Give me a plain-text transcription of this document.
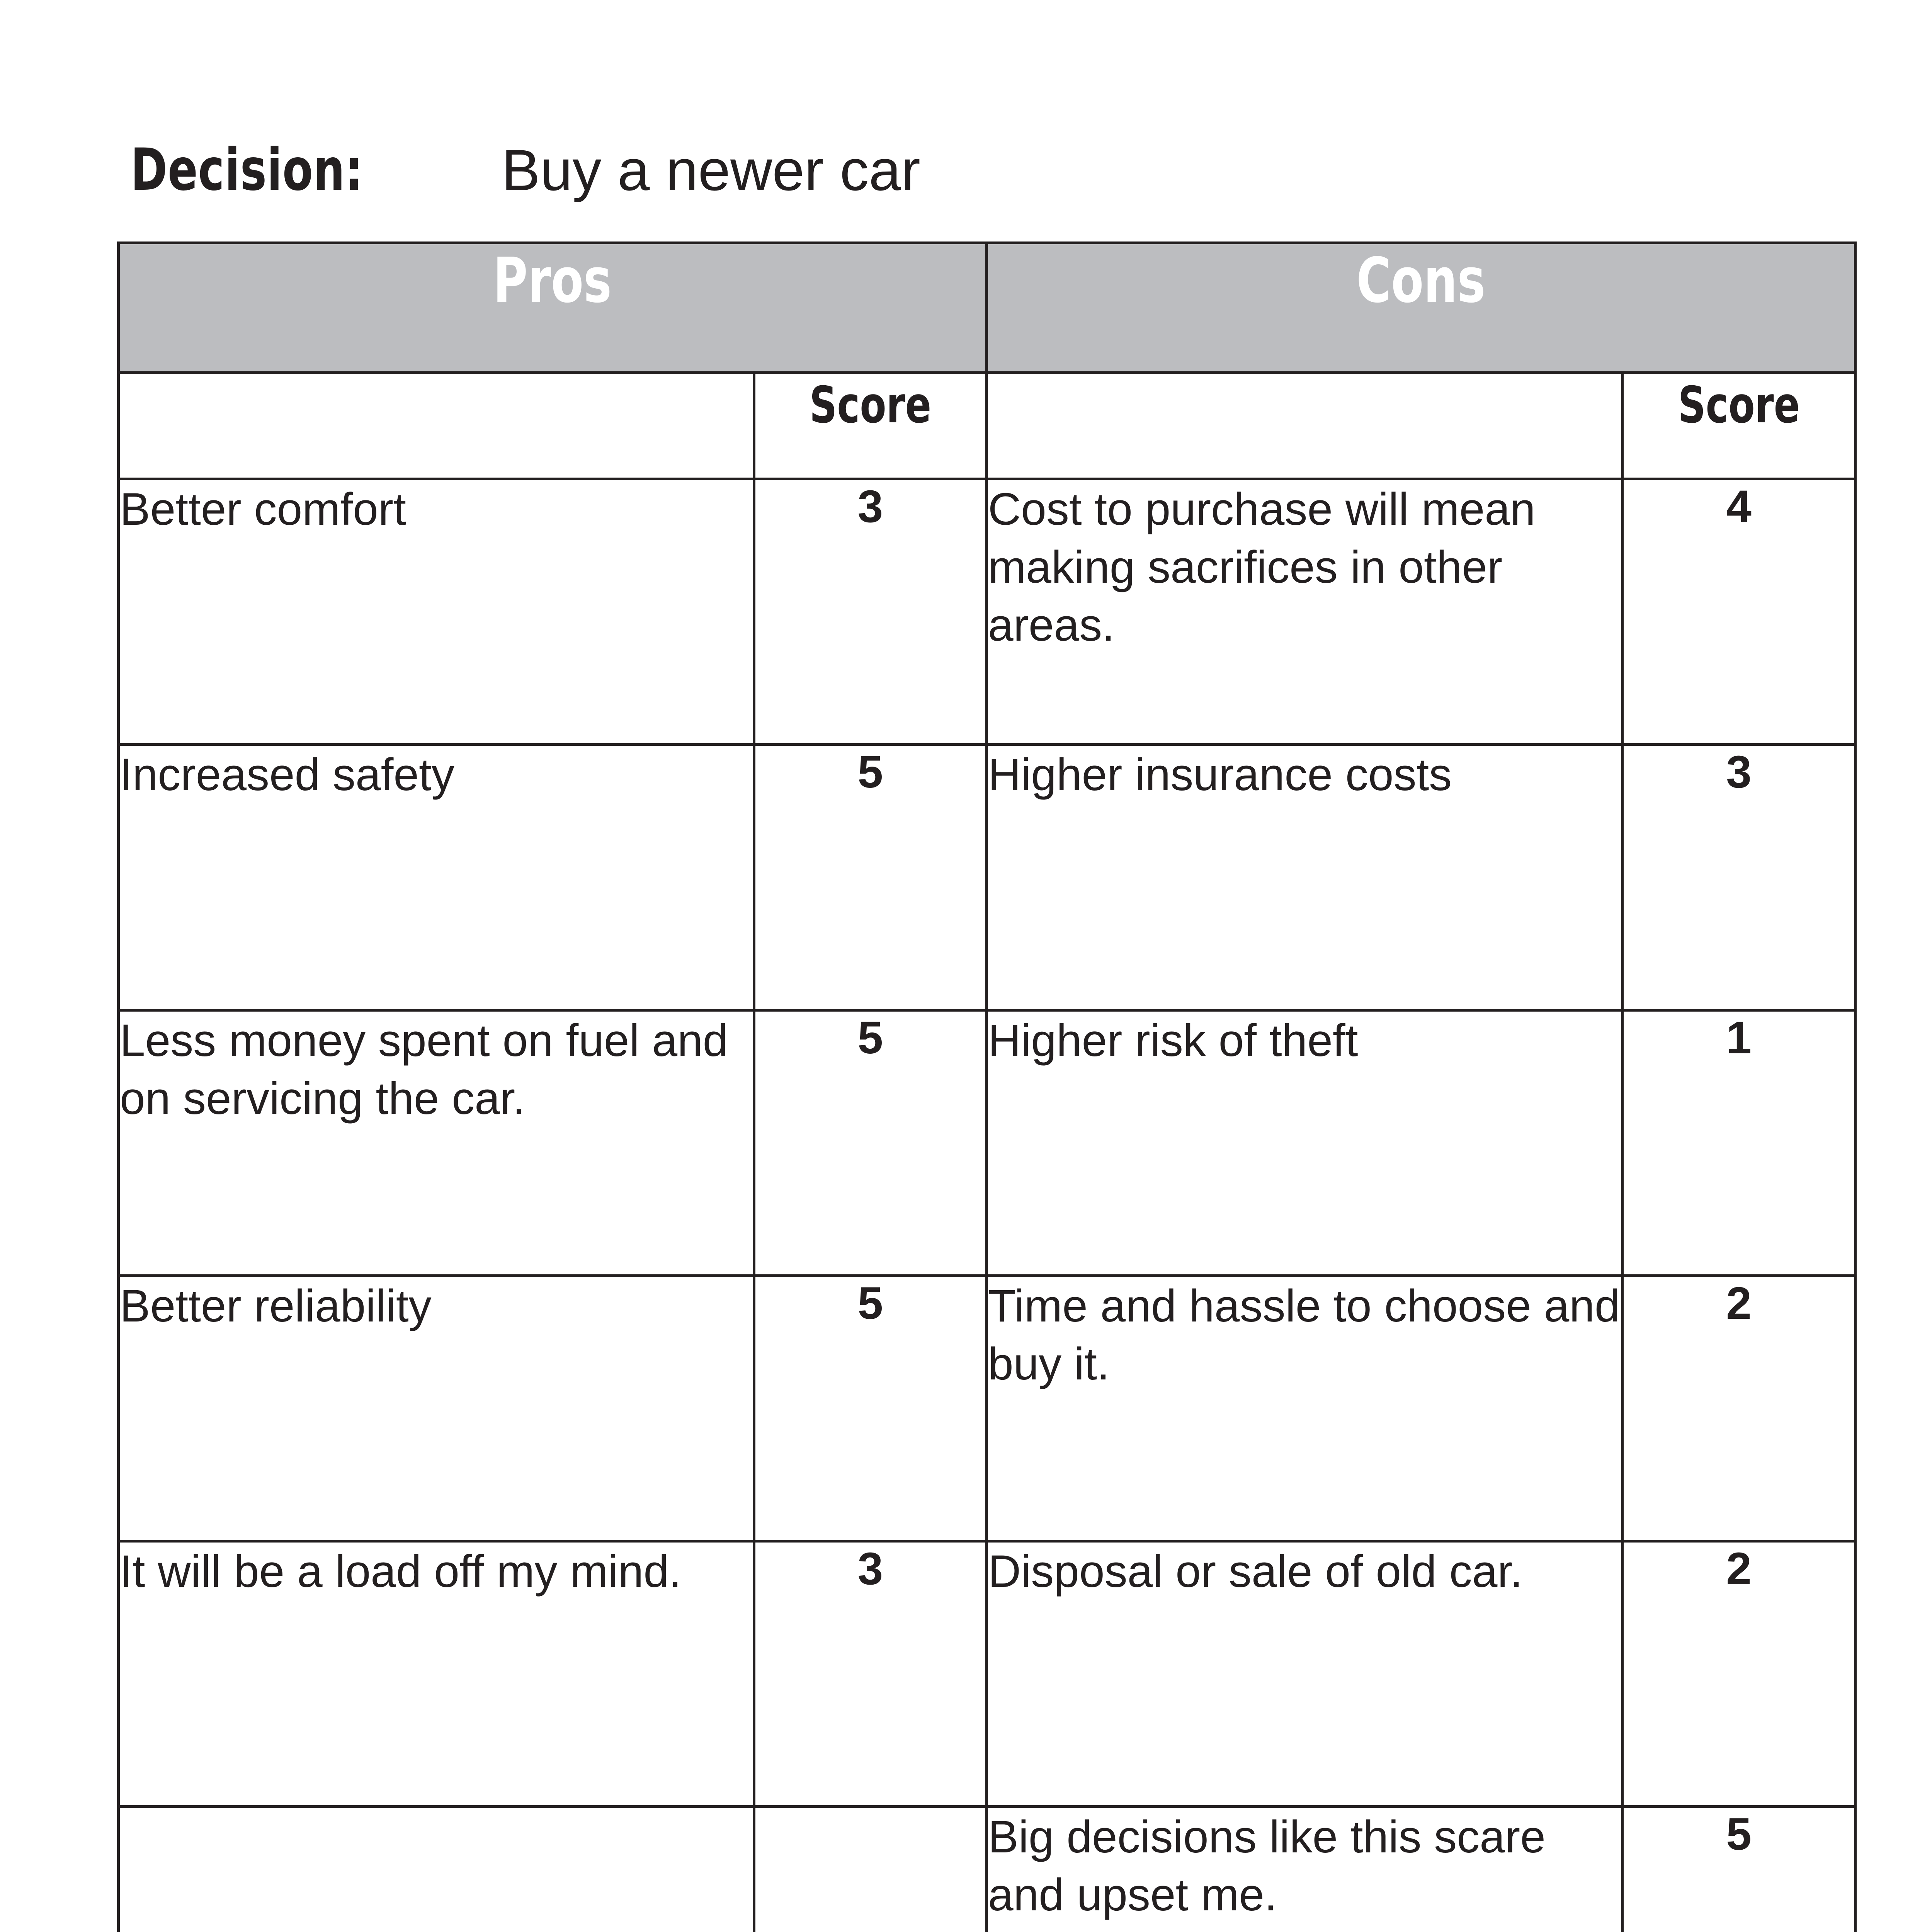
Decision:	Buy a newer car
Pros		Cons	
	Score		Score
Better comfort	3	Cost to purchase will mean making sacrifices in other areas.	4
Increased safety	5	Higher insurance costs	3
Less money spent on fuel and on servicing the car.	5	Higher risk of theft	1
Better reliability	5	Time and hassle to choose and buy it.	2
It will be a load off my mind.	3	Disposal or sale of old car.	2
		Big decisions like this scare and upset me.	5
